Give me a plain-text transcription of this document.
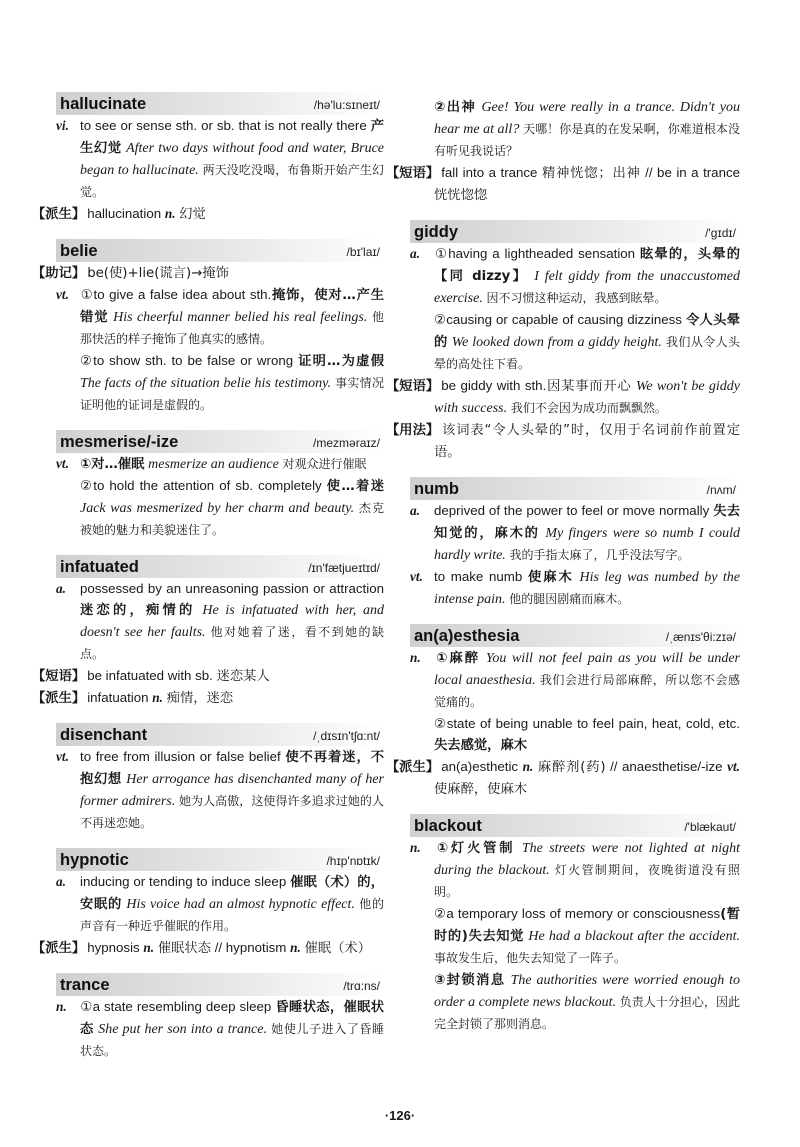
hallucinate	/hə'lu:sɪneɪt/

vi. to see or sense sth. or sb. that is not really there 产生幻觉 After two days without food and water, Bruce began to hallucinate. 两天没吃没喝，布鲁斯开始产生幻觉。

【派生】 hallucination n. 幻觉

belie	/bɪ'laɪ/

【助记】 be(使)+lie(谎言)→掩饰

vt. ①to give a false idea about sth.掩饰，使对…产生错觉 His cheerful manner belied his real feelings. 他那快活的样子掩饰了他真实的感情。

②to show sth. to be false or wrong 证明…为虚假 The facts of the situation belie his testimony. 事实情况证明他的证词是虚假的。

mesmerise/-ize	/mezməraɪz/

vt. ①对…催眠 mesmerize an audience 对观众进行催眠

②to hold the attention of sb. completely 使…着迷 Jack was mesmerized by her charm and beauty. 杰克被她的魅力和美貌迷住了。

infatuated	/ɪn'fætjueɪtɪd/

a. possessed by an unreasoning passion or attraction 迷恋的，痴情的 He is infatuated with her, and doesn't see her faults. 他对她着了迷，看不到她的缺点。

【短语】 be infatuated with sb. 迷恋某人

【派生】 infatuation n. 痴情，迷恋

disenchant	/ˌdɪsɪn'tʃɑ:nt/

vt. to free from illusion or false belief 使不再着迷，不抱幻想 Her arrogance has disenchanted many of her former admirers. 她为人高傲，这使得许多追求过她的人不再迷恋她。

hypnotic	/hɪp'nɒtɪk/

a. inducing or tending to induce sleep 催眠（术）的，安眠的 His voice had an almost hypnotic effect. 他的声音有一种近乎催眠的作用。

【派生】 hypnosis n. 催眠状态 // hypnotism n. 催眠（术）

trance	/trɑ:ns/

n. ①a state resembling deep sleep 昏睡状态，催眠状态 She put her son into a trance. 她使儿子进入了昏睡状态。

②出神 Gee! You were really in a trance. Didn't you hear me at all? 天哪！你是真的在发呆啊，你难道根本没有听见我说话？

【短语】 fall into a trance 精神恍惚；出神 // be in a trance 恍恍惚惚

giddy	/'gɪdɪ/

a. ①having a lightheaded sensation 眩晕的，头晕的【同 dizzy】 I felt giddy from the unaccustomed exercise. 因不习惯这种运动，我感到眩晕。

②causing or capable of causing dizziness 令人头晕的 We looked down from a giddy height. 我们从令人头晕的高处往下看。

【短语】 be giddy with sth.因某事而开心 We won't be giddy with success. 我们不会因为成功而飘飘然。

【用法】 该词表“令人头晕的”时，仅用于名词前作前置定语。

numb	/nʌm/

a. deprived of the power to feel or move normally 失去知觉的，麻木的 My fingers were so numb I could hardly write. 我的手指太麻了，几乎没法写字。

vt. to make numb 使麻木 His leg was numbed by the intense pain. 他的腿因剧痛而麻木。

an(a)esthesia	/ˌænɪs'θi:zɪə/

n. ①麻醉 You will not feel pain as you will be under local anaesthesia. 我们会进行局部麻醉，所以您不会感觉痛的。

②state of being unable to feel pain, heat, cold, etc.失去感觉，麻木

【派生】 an(a)esthetic n. 麻醉剂(药) // anaesthetise/-ize vt. 使麻醉，使麻木

blackout	/'blækaut/

n. ①灯火管制 The streets were not lighted at night during the blackout. 灯火管制期间，夜晚街道没有照明。

②a temporary loss of memory or consciousness(暂时的)失去知觉 He had a blackout after the accident. 事故发生后，他失去知觉了一阵子。

③封锁消息 The authorities were worried enough to order a complete news blackout. 负责人十分担心，因此完全封锁了那则消息。

·126·
